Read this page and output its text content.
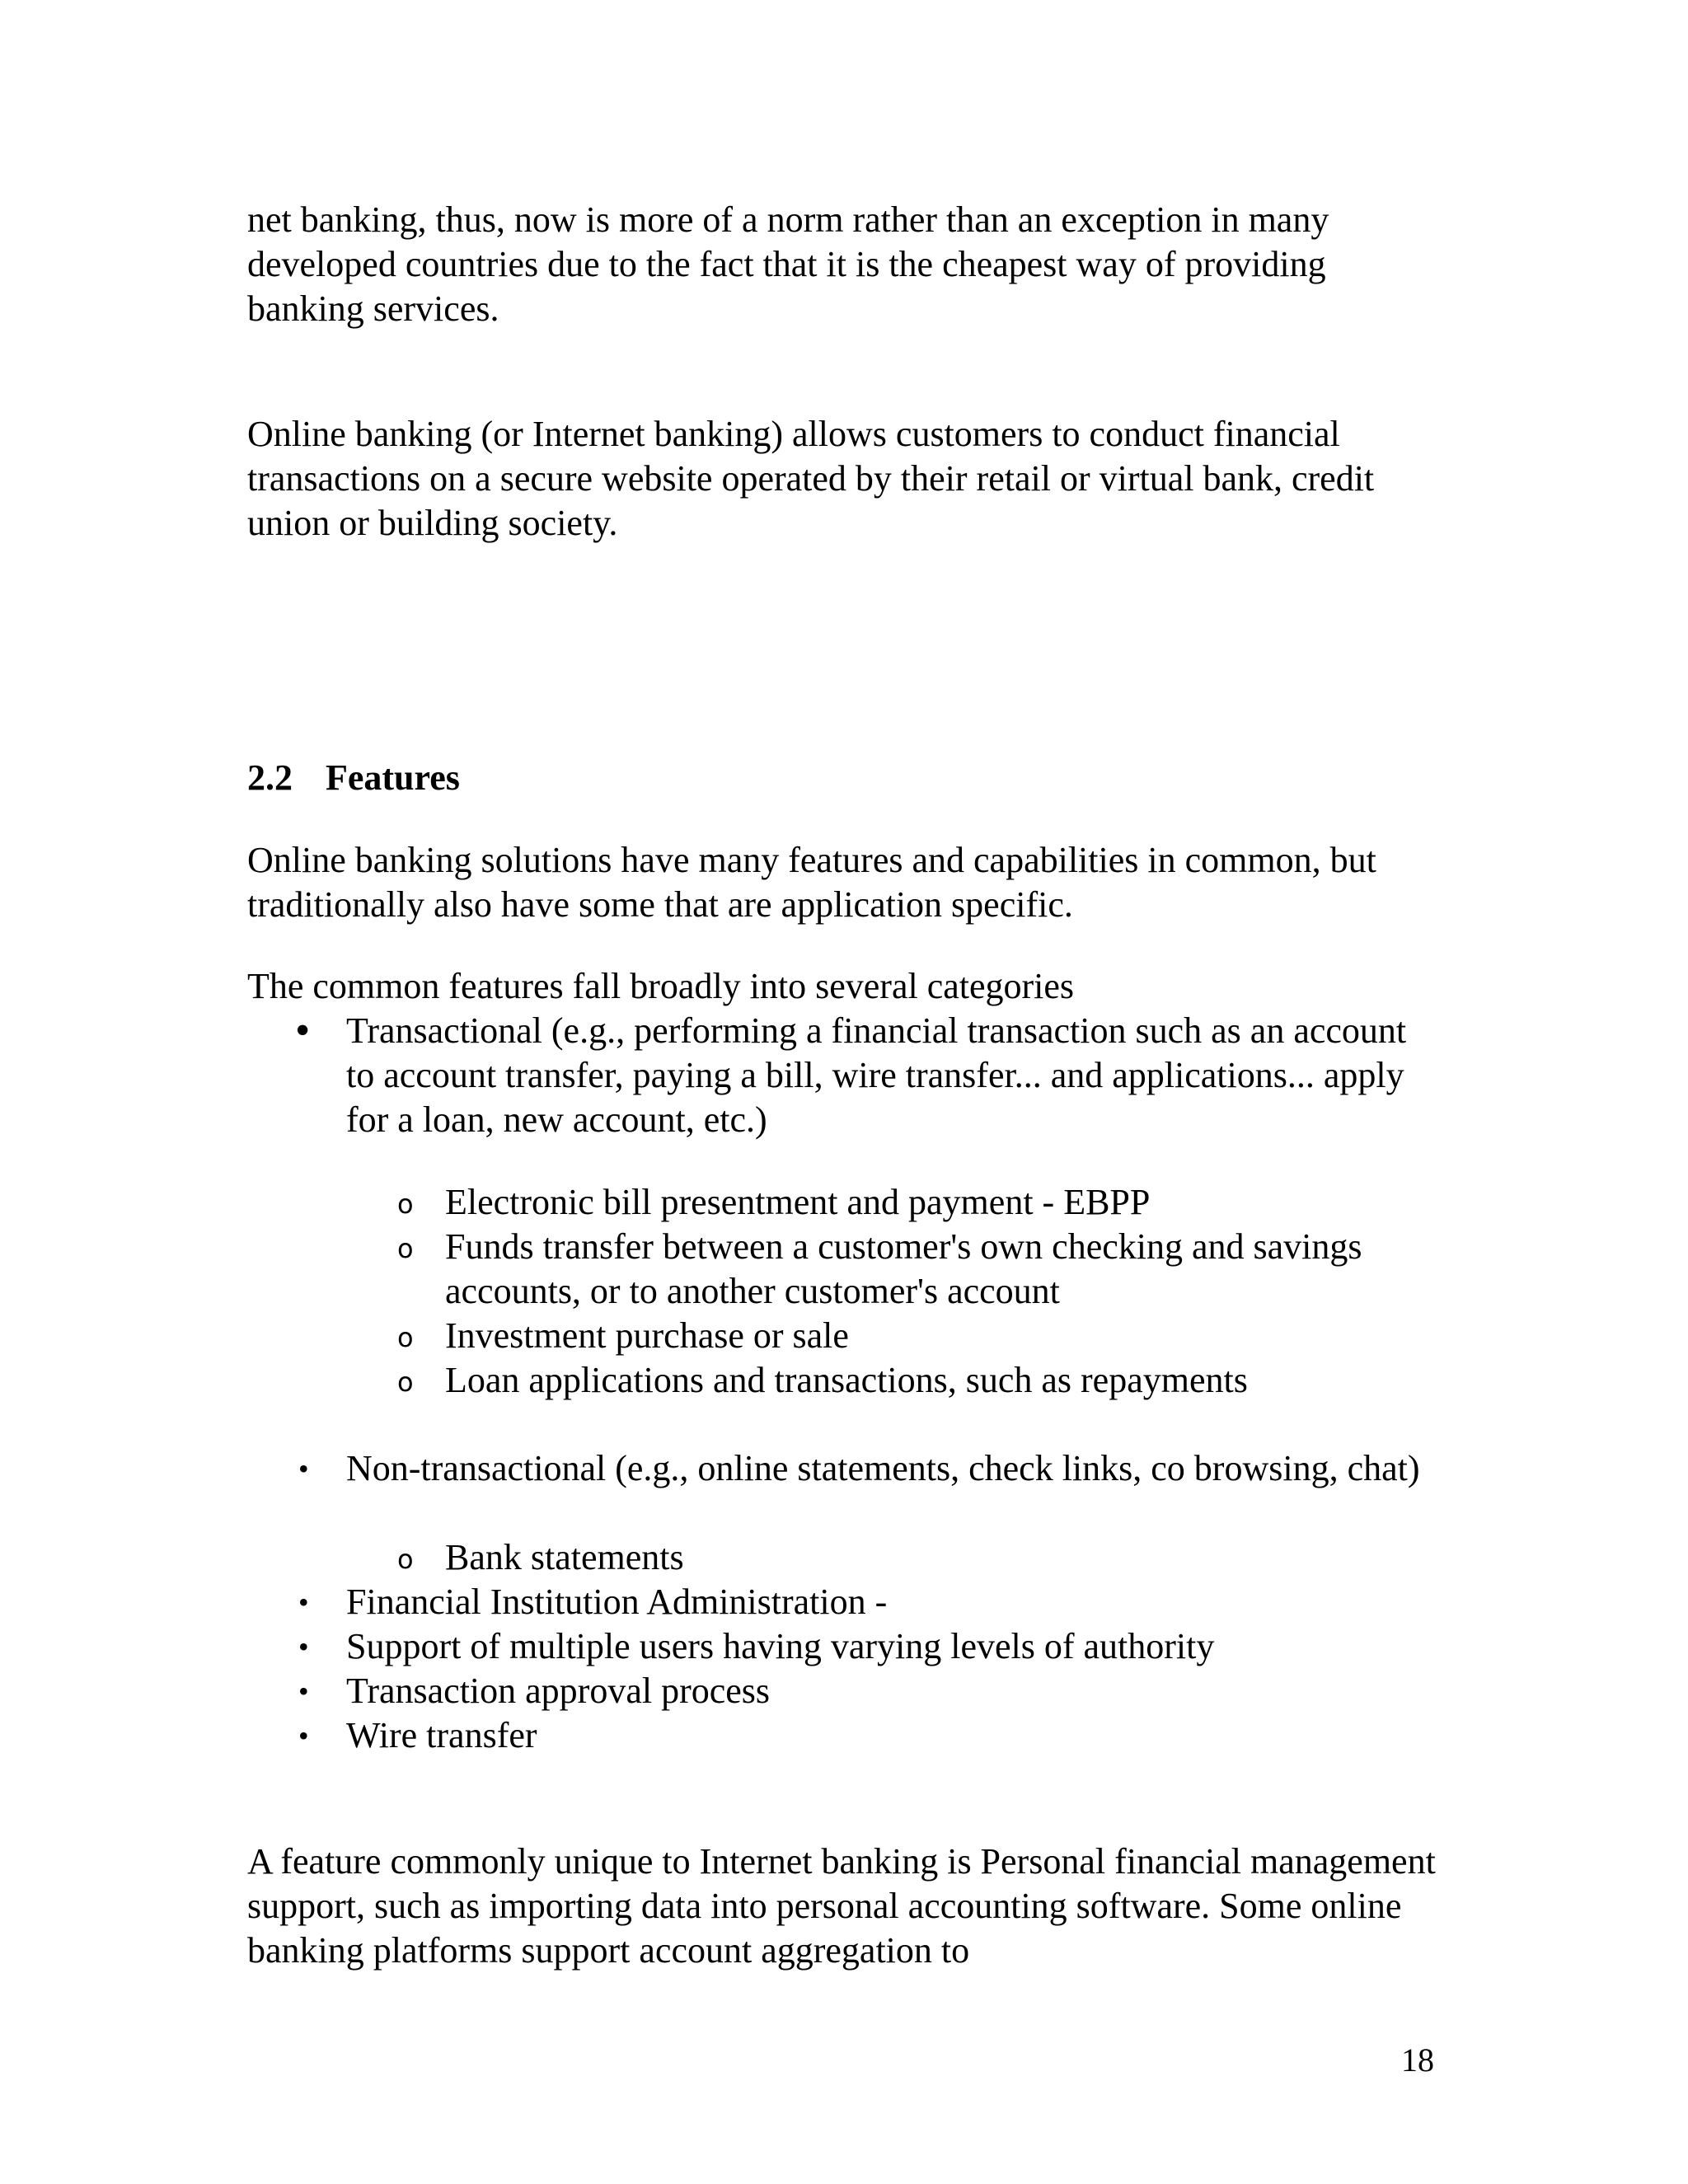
net banking, thus, now is more of a norm rather than an exception in many developed countries due to the fact that it is the cheapest way of providing banking services.

Online banking (or Internet banking) allows customers to conduct financial transactions on a secure website operated by their retail or virtual bank, credit union or building society.

2.2 Features

Online banking solutions have many features and capabilities in common, but traditionally also have some that are application specific.

The common features fall broadly into several categories

• Transactional (e.g., performing a financial transaction such as an account to account transfer, paying a bill, wire transfer... and applications... apply for a loan, new account, etc.)
o Electronic bill presentment and payment - EBPP
o Funds transfer between a customer's own checking and savings accounts, or to another customer's account
o Investment purchase or sale
o Loan applications and transactions, such as repayments
• Non-transactional (e.g., online statements, check links, co browsing, chat)
o Bank statements
• Financial Institution Administration -
• Support of multiple users having varying levels of authority
• Transaction approval process
• Wire transfer

A feature commonly unique to Internet banking is Personal financial management support, such as importing data into personal accounting software. Some online banking platforms support account aggregation to

18
